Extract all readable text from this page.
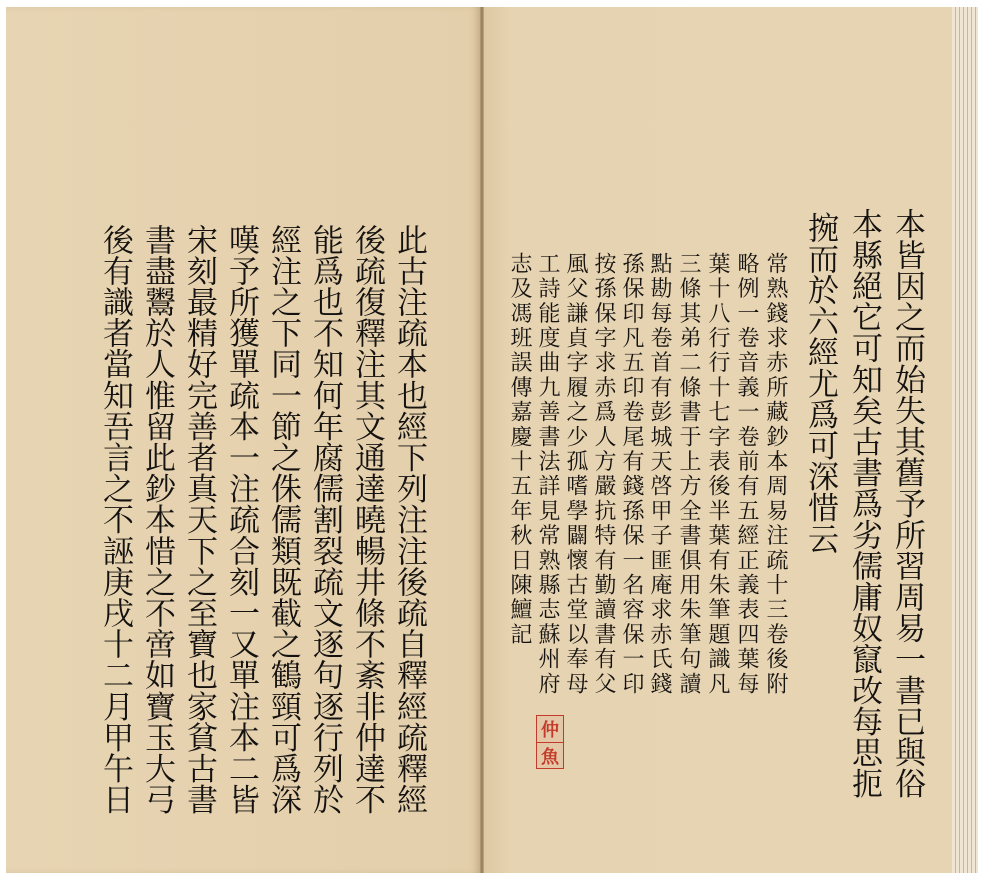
本皆因之而始失其舊予所習周易一書已與俗
本縣絕它可知矣古書爲劣儒庸奴竄改每思扼
捥而於六經尤爲可深惜云
常熟錢求赤所藏鈔本周易注疏十三卷後附
略例一卷音義一卷前有五經正義表四葉每
葉十八行行十七字表後半葉有朱筆題識凡
三條其弟二條書于上方全書俱用朱筆句讀
點勘每卷首有彭城天啓甲子匪庵求赤氏錢
孫保印凡五印卷尾有錢孫保一名容保一印
按孫保字求赤爲人方嚴抗特有勤讀書有父
風父謙貞字履之少孤嗜學闢懷古堂以奉母
工詩能度曲九善書法詳見常熟縣志蘇州府
志及馮班誤傳嘉慶十五年秋日陳鱣記
仲
魚
此古注疏本也經下列注注後疏自釋經疏釋經
後疏復釋注其文通達曉暢井條不紊非仲達不
能爲也不知何年腐儒割裂疏文逐句逐行列於
經注之下同一節之侏儒類既截之鶴頸可爲深
嘆予所獲單疏本一注疏合刻一又單注本二皆
宋刻最精好完善者真天下之至寶也家貧古書
書盡鬻於人惟留此鈔本惜之不啻如寶玉大弓
後有識者當知吾言之不誣庚戌十二月甲午日
